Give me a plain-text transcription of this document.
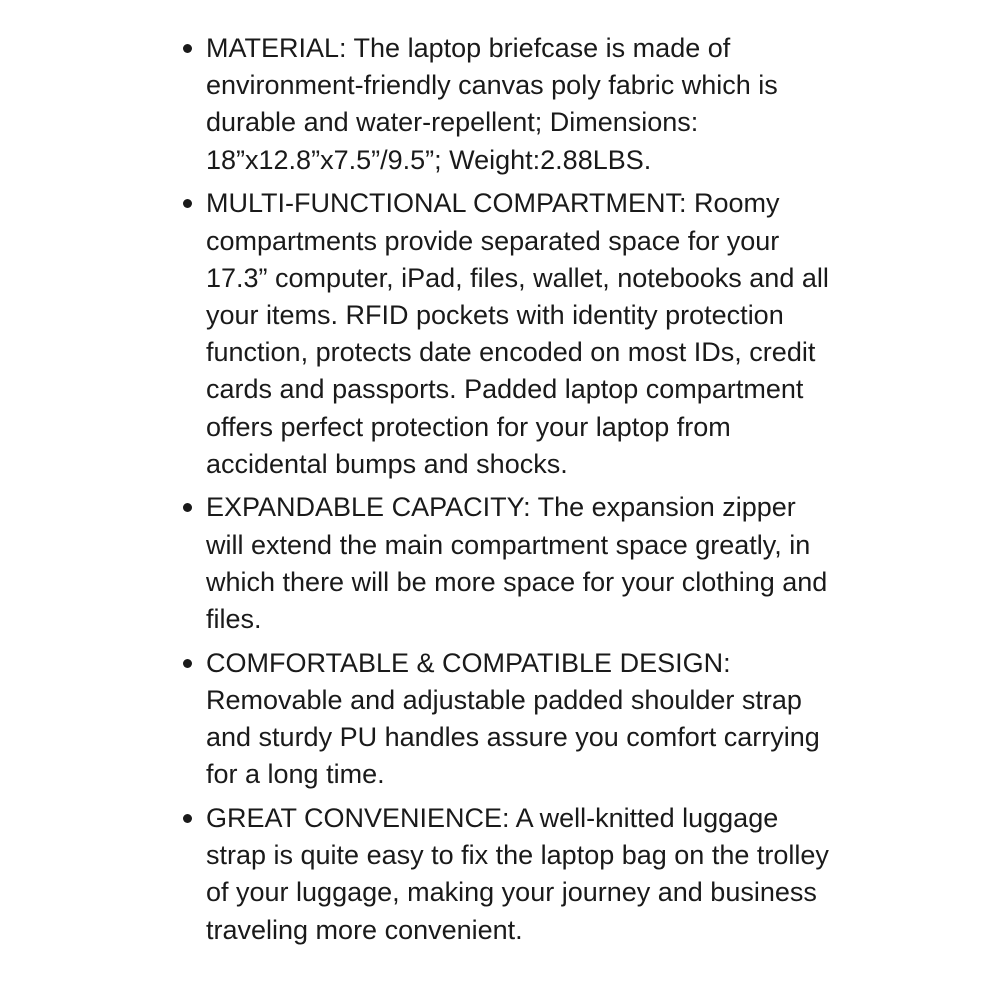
MATERIAL: The laptop briefcase is made of environment-friendly canvas poly fabric which is durable and water-repellent; Dimensions: 18”x12.8”x7.5”/9.5”; Weight:2.88LBS.
MULTI-FUNCTIONAL COMPARTMENT: Roomy compartments provide separated space for your 17.3” computer, iPad, files, wallet, notebooks and all your items. RFID pockets with identity protection function, protects date encoded on most IDs, credit cards and passports. Padded laptop compartment offers perfect protection for your laptop from accidental bumps and shocks.
EXPANDABLE CAPACITY: The expansion zipper will extend the main compartment space greatly, in which there will be more space for your clothing and files.
COMFORTABLE & COMPATIBLE DESIGN: Removable and adjustable padded shoulder strap and sturdy PU handles assure you comfort carrying for a long time.
GREAT CONVENIENCE: A well-knitted luggage strap is quite easy to fix the laptop bag on the trolley of your luggage, making your journey and business traveling more convenient.
